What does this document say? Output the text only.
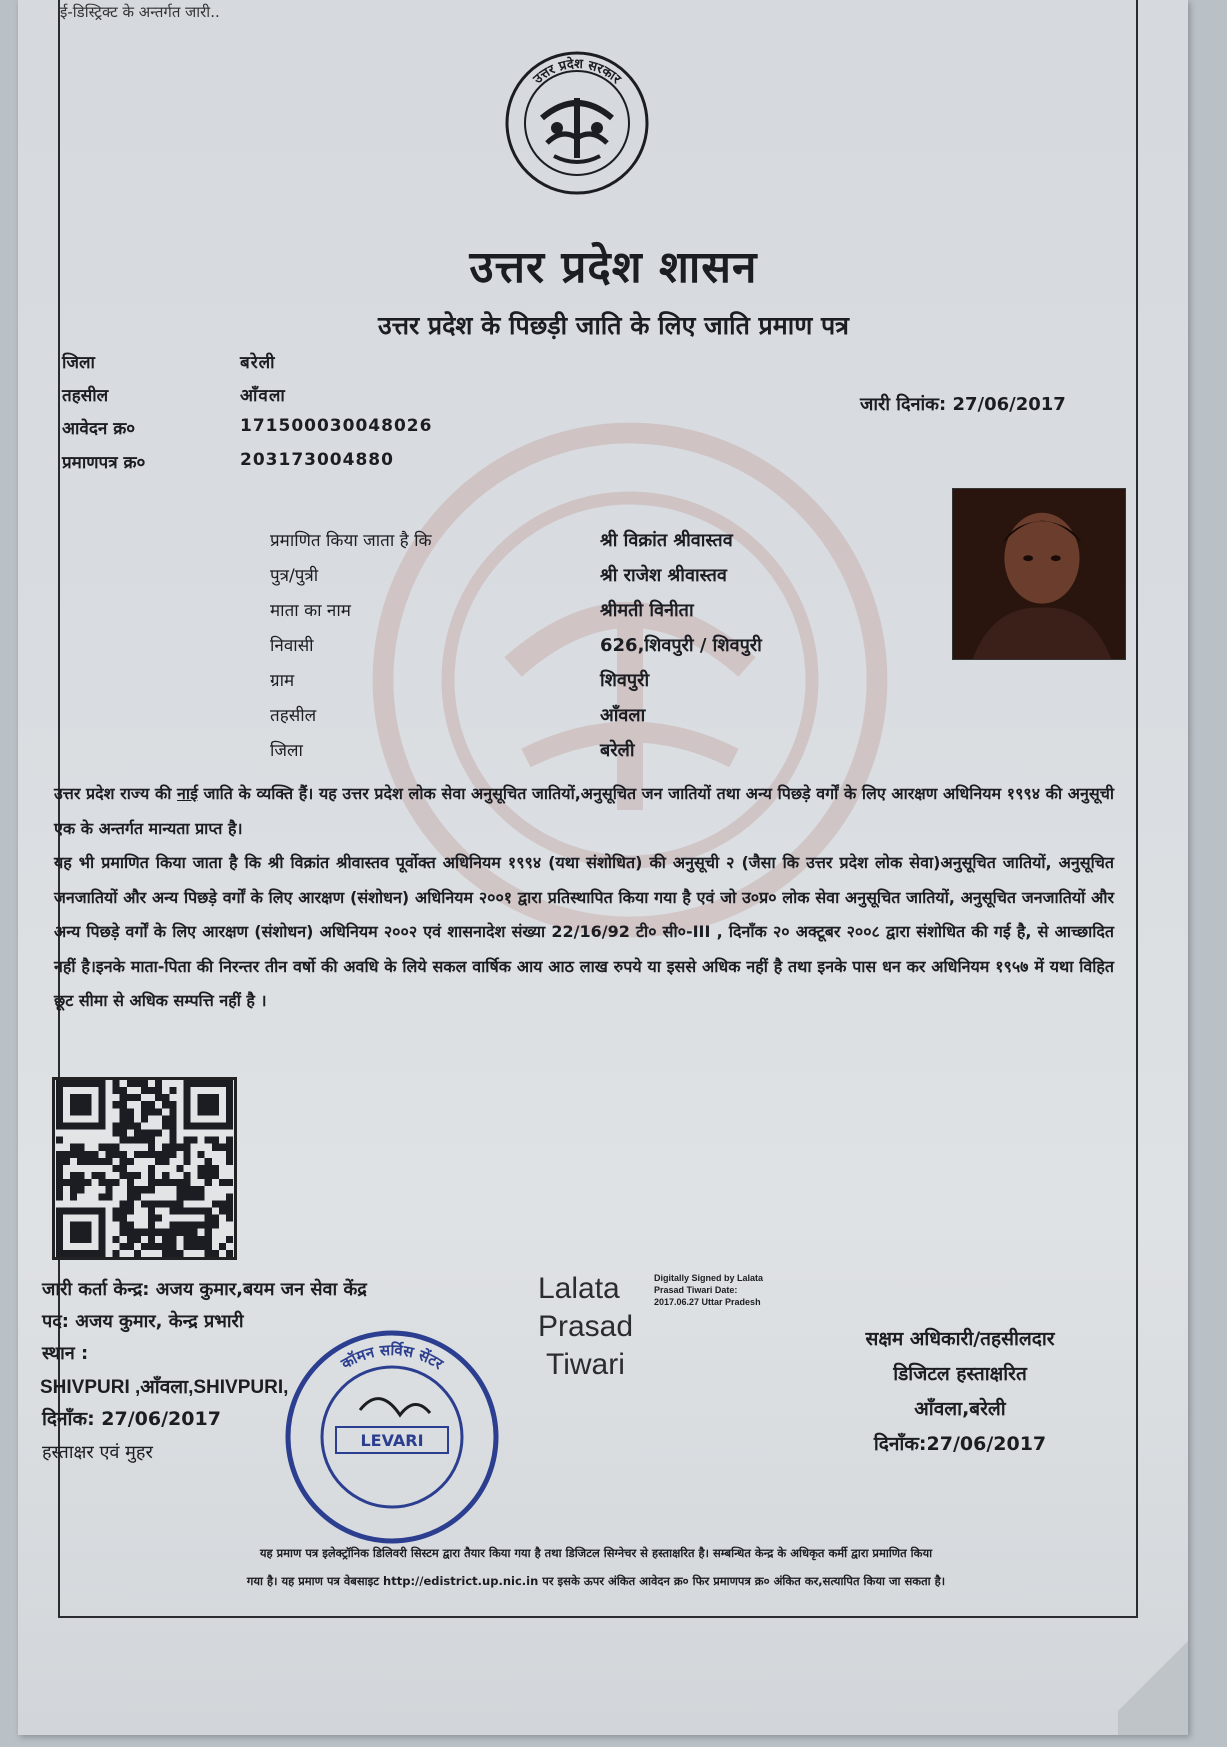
ई-डिस्ट्रिक्ट के अन्तर्गत जारी..
उत्तर प्रदेश सरकार
उत्तर प्रदेश शासन
उत्तर प्रदेश के पिछड़ी जाति के लिए जाति प्रमाण पत्र
जिला	बरेली
तहसील	आँवला
आवेदन क्र०	171500030048026
प्रमाणपत्र क्र०	203173004880
जारी दिनांक: 27/06/2017
प्रमाणित किया जाता है कि	श्री विक्रांत श्रीवास्तव
पुत्र/पुत्री	श्री राजेश श्रीवास्तव
माता का नाम	श्रीमती विनीता
निवासी	626,शिवपुरी / शिवपुरी
ग्राम	शिवपुरी
तहसील	आँवला
जिला	बरेली
उत्तर प्रदेश राज्य की नाई जाति के व्यक्ति हैं। यह उत्तर प्रदेश लोक सेवा अनुसूचित जातियों,अनुसूचित जन जातियों तथा अन्य पिछड़े वर्गों के लिए आरक्षण अधिनियम १९९४ की अनुसूची एक के अन्तर्गत मान्यता प्राप्त है।
यह भी प्रमाणित किया जाता है कि श्री विक्रांत श्रीवास्तव पूर्वोक्त अधिनियम १९९४ (यथा संशोधित) की अनुसूची २ (जैसा कि उत्तर प्रदेश लोक सेवा)अनुसूचित जातियों, अनुसूचित जनजातियों और अन्य पिछड़े वर्गों के लिए आरक्षण (संशोधन) अधिनियम २००१ द्वारा प्रतिस्थापित किया गया है एवं जो उ०प्र० लोक सेवा अनुसूचित जातियों, अनुसूचित जनजातियों और अन्य पिछड़े वर्गों के लिए आरक्षण (संशोधन) अधिनियम २००२ एवं शासनादेश संख्या 22/16/92 टी० सी०-III , दिनाँक २० अक्टूबर २००८ द्वारा संशोधित की गई है, से आच्छादित नहीं है।इनके माता-पिता की निरन्तर तीन वर्षो की अवधि के लिये सकल वार्षिक आय आठ लाख रुपये या इससे अधिक नहीं है तथा इनके पास धन कर अधिनियम १९५७ में यथा विहित छूट सीमा से अधिक सम्पत्ति नहीं है ।
जारी कर्ता केन्द्र: अजय कुमार,बयम जन सेवा केंद्र
पद: अजय कुमार, केन्द्र प्रभारी
स्थान :
SHIVPURI ,आँवला,SHIVPURI,
दिनाँक: 27/06/2017
हस्ताक्षर एवं मुहर
कॉमन सर्विस सेंटर
LEVARI
Lalata
Prasad
Tiwari
Digitally Signed by Lalata Prasad Tiwari Date: 2017.06.27 Uttar Pradesh
सक्षम अधिकारी/तहसीलदार
डिजिटल हस्ताक्षरित
आँवला,बरेली
दिनाँक:27/06/2017
यह प्रमाण पत्र इलेक्ट्रॉनिक डिलिवरी सिस्टम द्वारा तैयार किया गया है तथा डिजिटल सिग्नेचर से हस्ताक्षरित है। सम्बन्धित केन्द्र के अधिकृत कर्मी द्वारा प्रमाणित किया
गया है। यह प्रमाण पत्र वेबसाइट http://edistrict.up.nic.in पर इसके ऊपर अंकित आवेदन क्र० फिर प्रमाणपत्र क्र० अंकित कर,सत्यापित किया जा सकता है।
